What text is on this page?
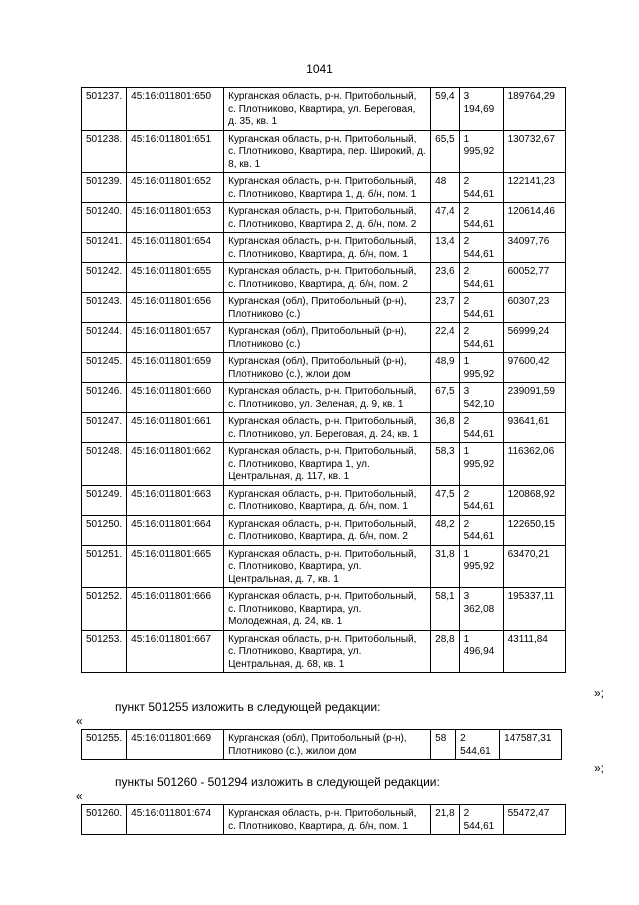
1041
501237.	45:16:011801:650	Курганская область, р-н. Притобольный, с. Плотниково, Квартира, ул. Береговая, д. 35, кв. 1	59,4	3 194,69	189764,29
501238.	45:16:011801:651	Курганская область, р-н. Притобольный, с. Плотниково, Квартира, пер. Широкий, д. 8, кв. 1	65,5	1 995,92	130732,67
501239.	45:16:011801:652	Курганская область, р-н. Притобольный, с. Плотниково, Квартира 1, д. б/н, пом. 1	48	2 544,61	122141,23
501240.	45:16:011801:653	Курганская область, р-н. Притобольный, с. Плотниково, Квартира 2, д. б/н, пом. 2	47,4	2 544,61	120614,46
501241.	45:16:011801:654	Курганская область, р-н. Притобольный, с. Плотниково, Квартира, д. б/н, пом. 1	13,4	2 544,61	34097,76
501242.	45:16:011801:655	Курганская область, р-н. Притобольный, с. Плотниково, Квартира, д. б/н, пом. 2	23,6	2 544,61	60052,77
501243.	45:16:011801:656	Курганская (обл), Притобольный (р-н), Плотниково (с.)	23,7	2 544,61	60307,23
501244.	45:16:011801:657	Курганская (обл), Притобольный (р-н), Плотниково (с.)	22,4	2 544,61	56999,24
501245.	45:16:011801:659	Курганская (обл), Притобольный (р-н), Плотниково (с.), жлои дом	48,9	1 995,92	97600,42
501246.	45:16:011801:660	Курганская область, р-н. Притобольный, с. Плотниково, ул. Зеленая, д. 9, кв. 1	67,5	3 542,10	239091,59
501247.	45:16:011801:661	Курганская область, р-н. Притобольный, с. Плотниково, ул. Береговая, д. 24, кв. 1	36,8	2 544,61	93641,61
501248.	45:16:011801:662	Курганская область, р-н. Притобольный, с. Плотниково, Квартира 1, ул. Центральная, д. 117, кв. 1	58,3	1 995,92	116362,06
501249.	45:16:011801:663	Курганская область, р-н. Притобольный, с. Плотниково, Квартира, д. б/н, пом. 1	47,5	2 544,61	120868,92
501250.	45:16:011801:664	Курганская область, р-н. Притобольный, с. Плотниково, Квартира, д. б/н, пом. 2	48,2	2 544,61	122650,15
501251.	45:16:011801:665	Курганская область, р-н. Притобольный, с. Плотниково, Квартира, ул. Центральная, д. 7, кв. 1	31,8	1 995,92	63470,21
501252.	45:16:011801:666	Курганская область, р-н. Притобольный, с. Плотниково, Квартира, ул. Молодежная, д. 24, кв. 1	58,1	3 362,08	195337,11
501253.	45:16:011801:667	Курганская область, р-н. Притобольный, с. Плотниково, Квартира, ул. Центральная, д. 68, кв. 1	28,8	1 496,94	43111,84
»;
пункт 501255 изложить в следующей редакции:
«
501255.	45:16:011801:669	Курганская (обл), Притобольный (р-н), Плотниково (с.), жилои дом	58	2 544,61	147587,31
»;
пункты 501260 - 501294 изложить в следующей редакции:
«
501260.	45:16:011801:674	Курганская область, р-н. Притобольный, с. Плотниково, Квартира, д. б/н, пом. 1	21,8	2 544,61	55472,47
